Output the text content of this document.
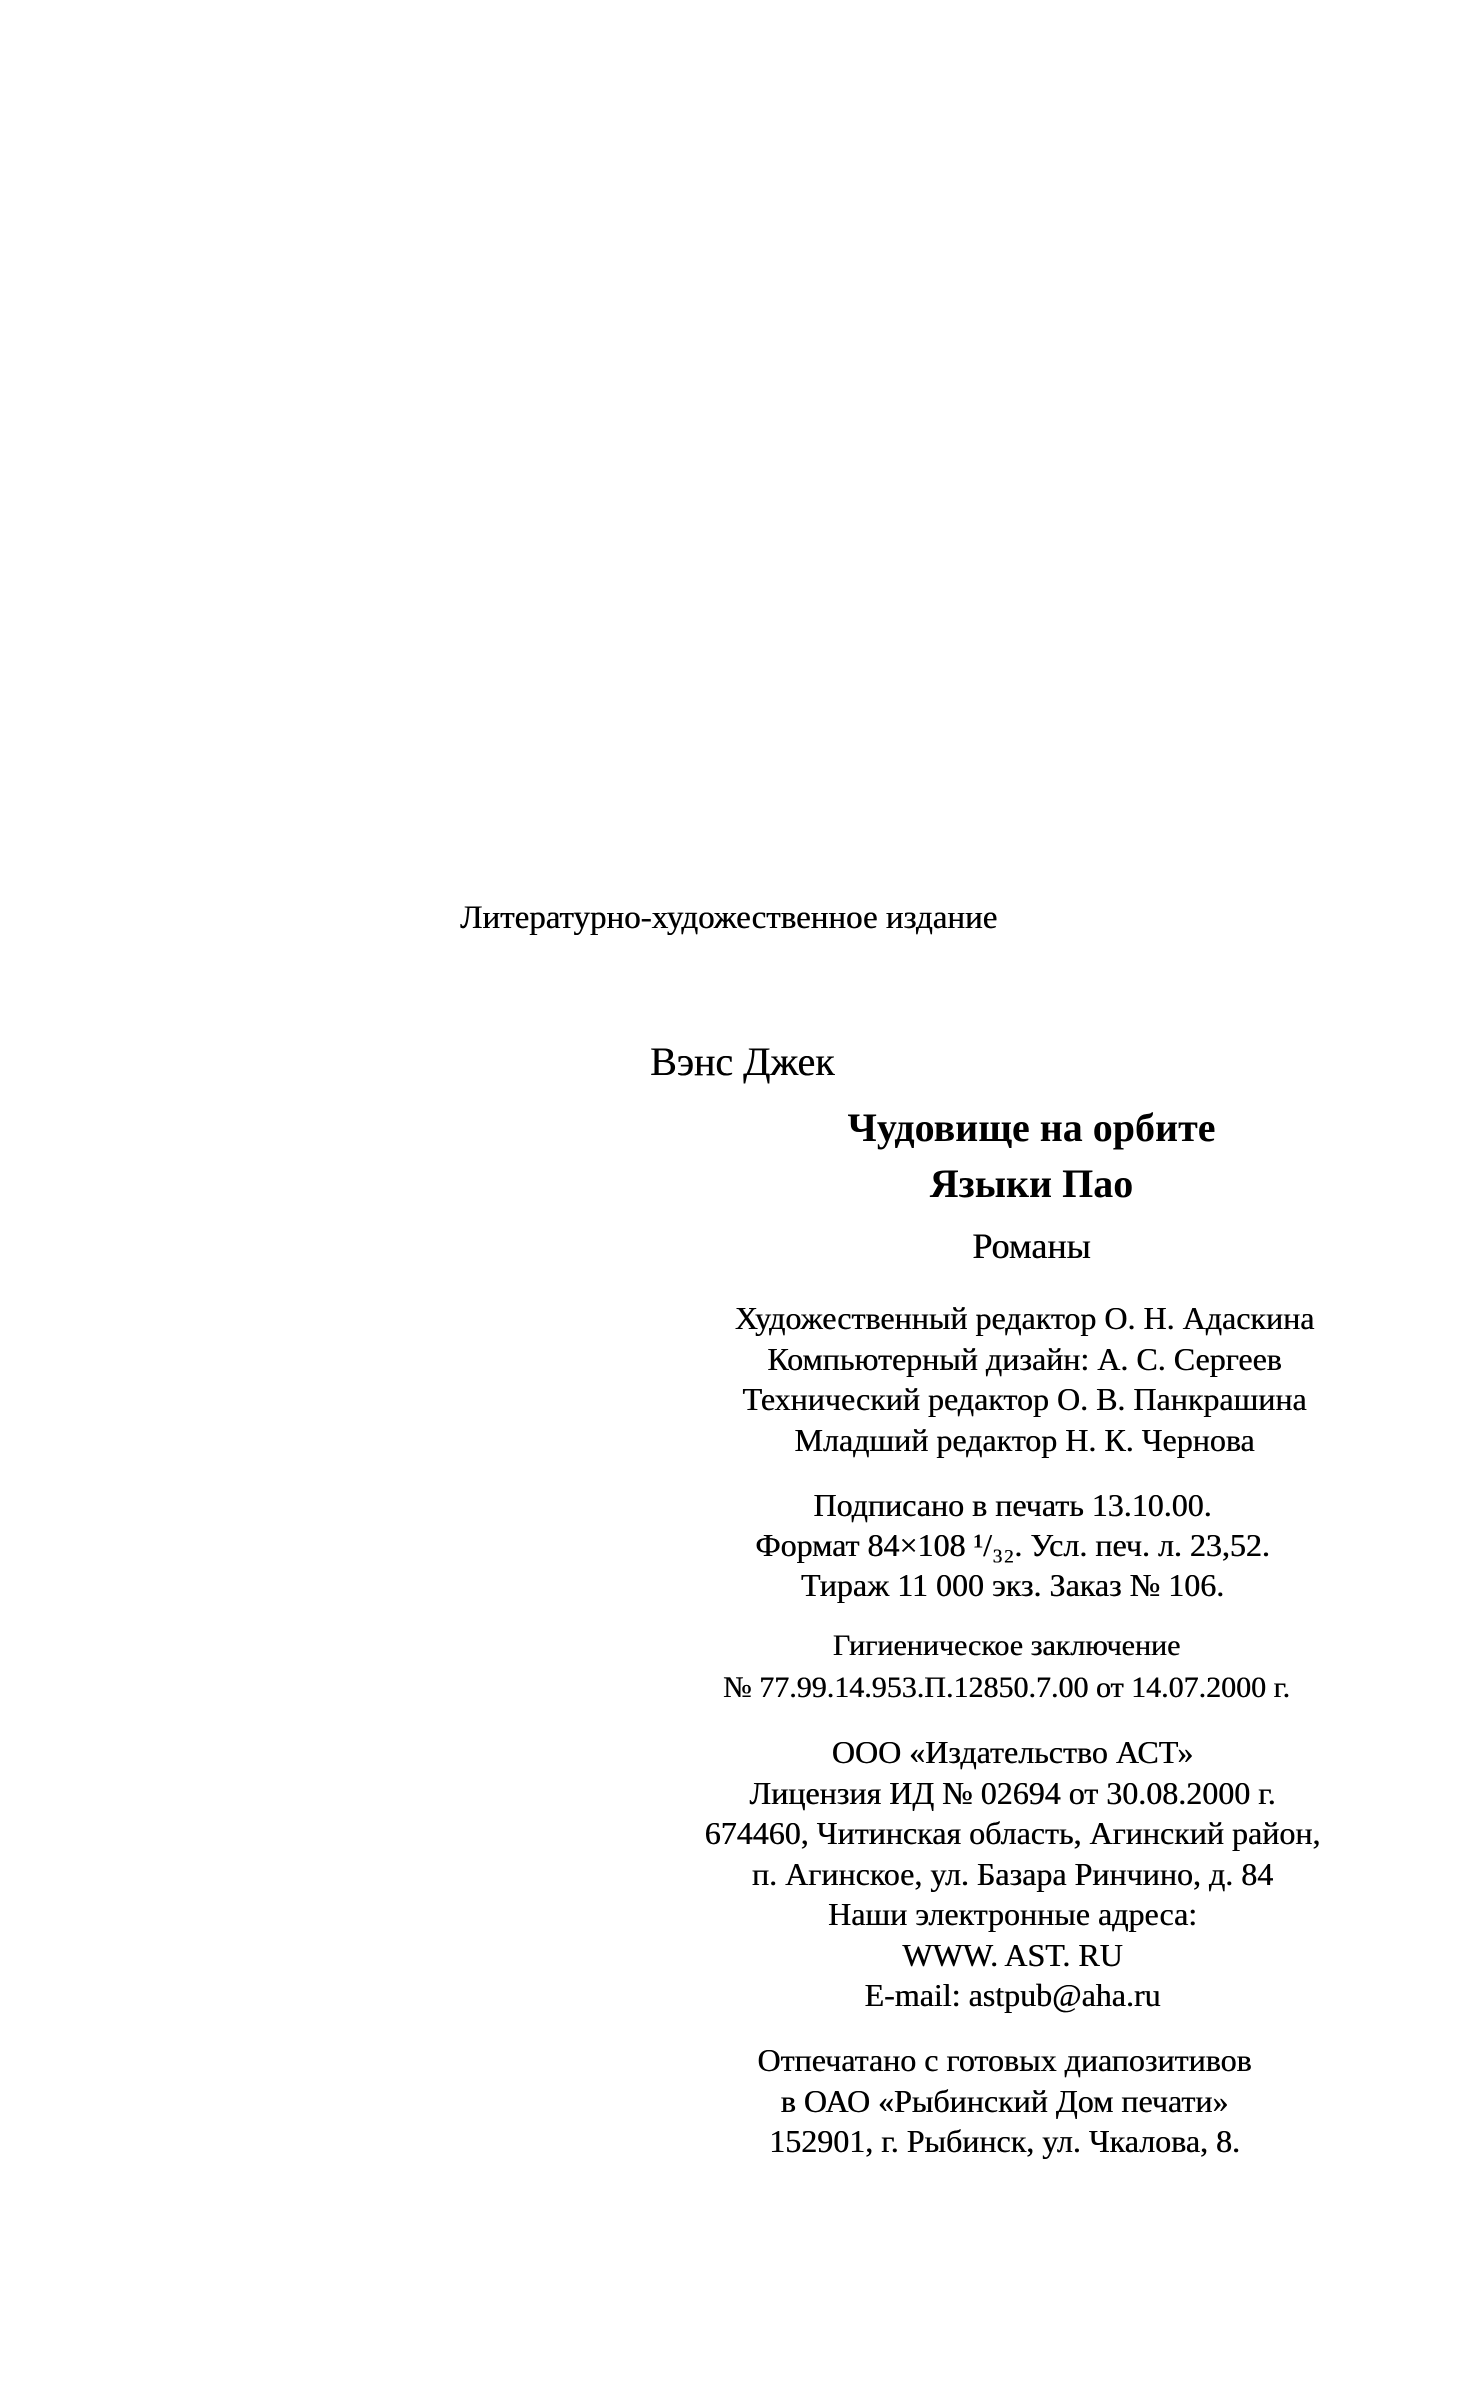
Литературно-художественное издание
Вэнс Джек
Чудовище на орбите
Языки Пао
Романы
Художественный редактор О. Н. Адаскина
Компьютерный дизайн: А. С. Сергеев
Технический редактор О. В. Панкрашина
Младший редактор Н. К. Чернова
Подписано в печать 13.10.00.
Формат 84×108 ¹/₃₂. Усл. печ. л. 23,52.
Тираж 11 000 экз. Заказ № 106.
Гигиеническое заключение
№ 77.99.14.953.П.12850.7.00 от 14.07.2000 г.
ООО «Издательство АСТ»
Лицензия ИД № 02694 от 30.08.2000 г.
674460, Читинская область, Агинский район,
п. Агинское, ул. Базара Ринчино, д. 84
Наши электронные адреса:
WWW. AST. RU
E-mail: astpub@aha.ru
Отпечатано с готовых диапозитивов
в ОАО «Рыбинский Дом печати»
152901, г. Рыбинск, ул. Чкалова, 8.
